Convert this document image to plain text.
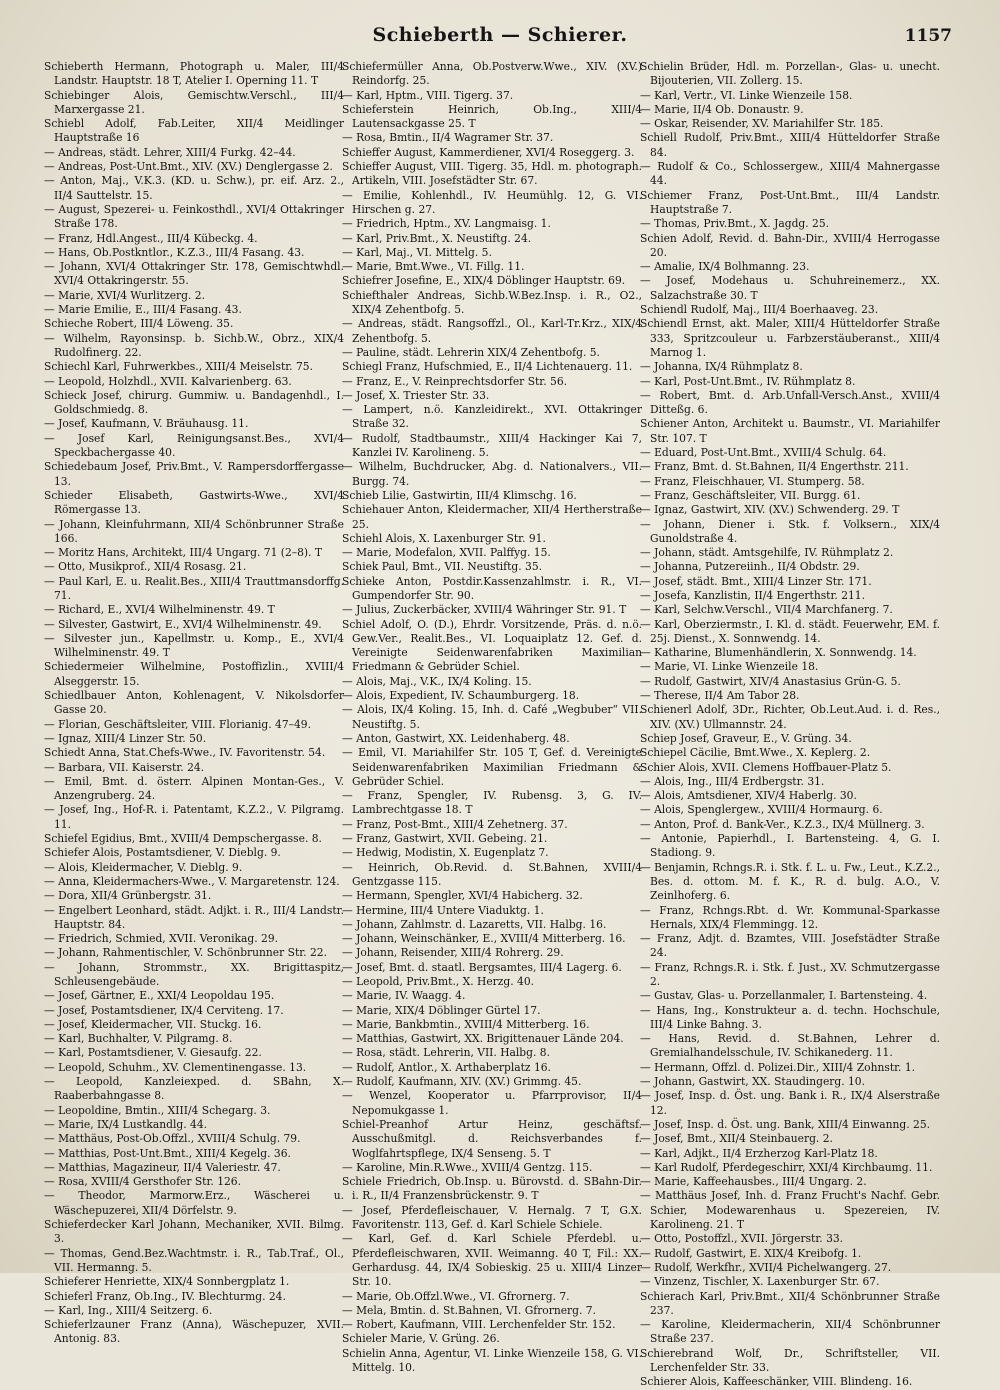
Schieberth — Schierer.	1157

Schieberth Hermann, Photograph u. Maler, III/4 Landstr. Hauptstr. 18 T, Atelier I. Operning 11. T

Schiebinger Alois, Gemischtw.Verschl., III/4 Marxergasse 21.

Schiebl Adolf, Fab.Leiter, XII/4 Meidlinger Hauptstraße 16

— Andreas, städt. Lehrer, XIII/4 Furkg. 42–44.

— Andreas, Post-Unt.Bmt., XIV. (XV.) Denglergasse 2.

— Anton, Maj., V.K.3. (KD. u. Schw.), pr. eif. Arz. 2., II/4 Sauttelstr. 15.

— August, Spezerei- u. Feinkosthdl., XVI/4 Ottakringer Straße 178.

— Franz, Hdl.Angest., III/4 Kübeckg. 4.

— Hans, Ob.Postkntlor., K.Z.3., III/4 Fasang. 43.

— Johann, XVI/4 Ottakringer Str. 178, Gemischtwhdl. XVI/4 Ottakringerstr. 55.

— Marie, XVI/4 Wurlitzerg. 2.

— Marie Emilie, E., III/4 Fasang. 43.

Schieche Robert, III/4 Löweng. 35.

— Wilhelm, Rayonsinsp. b. Sichb.W., Obrz., XIX/4 Rudolfinerg. 22.

Schiechl Karl, Fuhrwerkbes., XIII/4 Meiselstr. 75.

— Leopold, Holzhdl., XVII. Kalvarienberg. 63.

Schieck Josef, chirurg. Gummiw. u. Bandagenhdl., I. Goldschmiedg. 8.

— Josef, Kaufmann, V. Bräuhausg. 11.

— Josef Karl, Reinigungsanst.Bes., XVI/4 Speckbachergasse 40.

Schiedebaum Josef, Priv.Bmt., V. Rampersdorffergasse 13.

Schieder Elisabeth, Gastwirts-Wwe., XVI/4 Römergasse 13.

— Johann, Kleinfuhrmann, XII/4 Schönbrunner Straße 166.

— Moritz Hans, Architekt, III/4 Ungarg. 71 (2–8). T

— Otto, Musikprof., XII/4 Rosasg. 21.

— Paul Karl, E. u. Realit.Bes., XIII/4 Trauttmansdorffg. 71.

— Richard, E., XVI/4 Wilhelminenstr. 49. T

— Silvester, Gastwirt, E., XVI/4 Wilhelminenstr. 49.

— Silvester jun., Kapellmstr. u. Komp., E., XVI/4 Wilhelminenstr. 49. T

Schiedermeier Wilhelmine, Postoffizlin., XVIII/4 Alseggerstr. 15.

Schiedlbauer Anton, Kohlenagent, V. Nikolsdorfer Gasse 20.

— Florian, Geschäftsleiter, VIII. Florianig. 47–49.

— Ignaz, XIII/4 Linzer Str. 50.

Schiedt Anna, Stat.Chefs-Wwe., IV. Favoritenstr. 54.

— Barbara, VII. Kaiserstr. 24.

— Emil, Bmt. d. österr. Alpinen Montan-Ges., V. Anzengruberg. 24.

— Josef, Ing., Hof-R. i. Patentamt, K.Z.2., V. Pilgramg. 11.

Schiefel Egidius, Bmt., XVIII/4 Dempschergasse. 8.

Schiefer Alois, Postamtsdiener, V. Dieblg. 9.

— Alois, Kleidermacher, V. Dieblg. 9.

— Anna, Kleidermachers-Wwe., V. Margaretenstr. 124.

— Dora, XII/4 Grünbergstr. 31.

— Engelbert Leonhard, städt. Adjkt. i. R., III/4 Landstr. Hauptstr. 84.

— Friedrich, Schmied, XVII. Veronikag. 29.

— Johann, Rahmentischler, V. Schönbrunner Str. 22.

— Johann, Strommstr., XX. Brigittaspitz, Schleusengebäude.

— Josef, Gärtner, E., XXI/4 Leopoldau 195.

— Josef, Postamtsdiener, IX/4 Cerviteng. 17.

— Josef, Kleidermacher, VII. Stuckg. 16.

— Karl, Buchhalter, V. Pilgramg. 8.

— Karl, Postamtsdiener, V. Giesaufg. 22.

— Leopold, Schuhm., XV. Clementinengasse. 13.

— Leopold, Kanzleiexped. d. SBahn, X. Raaberbahngasse 8.

— Leopoldine, Bmtin., XIII/4 Schegarg. 3.

— Marie, IX/4 Lustkandlg. 44.

— Matthäus, Post-Ob.Offzl., XVIII/4 Schulg. 79.

— Matthias, Post-Unt.Bmt., XIII/4 Kegelg. 36.

— Matthias, Magazineur, II/4 Valeriestr. 47.

— Rosa, XVIII/4 Gersthofer Str. 126.

— Theodor, Marmorw.Erz., Wäscherei u. Wäschepuzerei, XII/4 Dörfelstr. 9.

Schieferdecker Karl Johann, Mechaniker, XVII. Bilmg. 3.

— Thomas, Gend.Bez.Wachtmstr. i. R., Tab.Traf., Ol., VII. Hermanng. 5.

Schieferer Henriette, XIX/4 Sonnbergplatz 1.

Schieferl Franz, Ob.Ing., IV. Blechturmg. 24.

— Karl, Ing., XIII/4 Seitzerg. 6.

Schieferlzauner Franz (Anna), Wäschepuzer, XVII. Antonig. 83.

Schiefermüller Anna, Ob.Postverw.Wwe., XIV. (XV.) Reindorfg. 25.

— Karl, Hptm., VIII. Tigerg. 37.

Schieferstein Heinrich, Ob.Ing., XIII/4 Lautensackgasse 25. T

— Rosa, Bmtin., II/4 Wagramer Str. 37.

Schieffer August, Kammerdiener, XVI/4 Roseggerg. 3.

Schieffer August, VIII. Tigerg. 35, Hdl. m. photograph. Artikeln, VIII. Josefstädter Str. 67.

— Emilie, Kohlenhdl., IV. Heumühlg. 12, G. VI. Hirschen g. 27.

— Friedrich, Hptm., XV. Langmaisg. 1.

— Karl, Priv.Bmt., X. Neustiftg. 24.

— Karl, Maj., VI. Mittelg. 5.

— Marie, Bmt.Wwe., VI. Fillg. 11.

Schiefrer Josefine, E., XIX/4 Döblinger Hauptstr. 69.

Schiefthaler Andreas, Sichb.W.Bez.Insp. i. R., O2., XIX/4 Zehentbofg. 5.

— Andreas, städt. Rangsoffzl., Ol., Karl-Tr.Krz., XIX/4 Zehentbofg. 5.

— Pauline, städt. Lehrerin XIX/4 Zehentbofg. 5.

Schiegl Franz, Hufschmied, E., II/4 Lichtenauerg. 11.

— Franz, E., V. Reinprechtsdorfer Str. 56.

— Josef, X. Triester Str. 33.

— Lampert, n.ö. Kanzleidirekt., XVI. Ottakringer Straße 32.

— Rudolf, Stadtbaumstr., XIII/4 Hackinger Kai 7, Kanzlei IV. Karolineng. 5.

— Wilhelm, Buchdrucker, Abg. d. Nationalvers., VII. Burgg. 74.

Schieb Lilie, Gastwirtin, III/4 Klimschg. 16.

Schiehauer Anton, Kleidermacher, XII/4 Hertherstraße 25.

Schiehl Alois, X. Laxenburger Str. 91.

— Marie, Modefalon, XVII. Palffyg. 15.

Schiek Paul, Bmt., VII. Neustiftg. 35.

Schieke Anton, Postdir.Kassenzahlmstr. i. R., VI. Gumpendorfer Str. 90.

— Julius, Zuckerbäcker, XVIII/4 Währinger Str. 91. T

Schiel Adolf, O. (D.), Ehrdr. Vorsitzende, Präs. d. n.ö. Gew.Ver., Realit.Bes., VI. Loquaiplatz 12. Gef. d. Vereinigte Seidenwarenfabriken Maximilian Friedmann & Gebrüder Schiel.

— Alois, Maj., V.K., IX/4 Koling. 15.

— Alois, Expedient, IV. Schaumburgerg. 18.

— Alois, IX/4 Koling. 15, Inh. d. Café „Wegbuber“ VII. Neustiftg. 5.

— Anton, Gastwirt, XX. Leidenhaberg. 48.

— Emil, VI. Mariahilfer Str. 105 T, Gef. d. Vereinigte Seidenwarenfabriken Maximilian Friedmann & Gebrüder Schiel.

— Franz, Spengler, IV. Rubensg. 3, G. IV. Lambrechtgasse 18. T

— Franz, Post-Bmt., XIII/4 Zehetnerg. 37.

— Franz, Gastwirt, XVII. Gebeing. 21.

— Hedwig, Modistin, X. Eugenplatz 7.

— Heinrich, Ob.Revid. d. St.Bahnen, XVIII/4 Gentzgasse 115.

— Hermann, Spengler, XVI/4 Habicherg. 32.

— Hermine, III/4 Untere Viaduktg. 1.

— Johann, Zahlmstr. d. Lazaretts, VII. Halbg. 16.

— Johann, Weinschänker, E., XVIII/4 Mitterberg. 16.

— Johann, Reisender, XIII/4 Rohrerg. 29.

— Josef, Bmt. d. staatl. Bergsamtes, III/4 Lagerg. 6.

— Leopold, Priv.Bmt., X. Herzg. 40.

— Marie, IV. Waagg. 4.

— Marie, XIX/4 Döblinger Gürtel 17.

— Marie, Bankbmtin., XVIII/4 Mitterberg. 16.

— Matthias, Gastwirt, XX. Brigittenauer Lände 204.

— Rosa, städt. Lehrerin, VII. Halbg. 8.

— Rudolf, Antlor., X. Arthaberplatz 16.

— Rudolf, Kaufmann, XIV. (XV.) Grimmg. 45.

— Wenzel, Kooperator u. Pfarrprovisor, II/4 Nepomukgasse 1.

Schiel-Preanhof Artur Heinz, geschäftsf. Ausschußmitgl. d. Reichsverbandes f. Woglfahrtspflege, IX/4 Senseng. 5. T

— Karoline, Min.R.Wwe., XVIII/4 Gentzg. 115.

Schiele Friedrich, Ob.Insp. u. Bürovstd. d. SBahn-Dir. i. R., II/4 Franzensbrückenstr. 9. T

— Josef, Pferdefleischauer, V. Hernalg. 7 T, G.X. Favoritenstr. 113, Gef. d. Karl Schiele Schiele.

— Karl, Gef. d. Karl Schiele Pferdebl. u. Pferdefleischwaren, XVII. Weimanng. 40 T, Fil.: XX. Gerhardusg. 44, IX/4 Sobieskig. 25 u. XIII/4 Linzer Str. 10.

— Marie, Ob.Offzl.Wwe., VI. Gfrornerg. 7.

— Mela, Bmtin. d. St.Bahnen, VI. Gfrornerg. 7.

— Robert, Kaufmann, VIII. Lerchenfelder Str. 152.

Schieler Marie, V. Grüng. 26.

Schielin Anna, Agentur, VI. Linke Wienzeile 158, G. VI. Mittelg. 10.

Schielin Brüder, Hdl. m. Porzellan-, Glas- u. unecht. Bijouterien, VII. Zollerg. 15.

— Karl, Vertr., VI. Linke Wienzeile 158.

— Marie, II/4 Ob. Donaustr. 9.

— Oskar, Reisender, XV. Mariahilfer Str. 185.

Schiell Rudolf, Priv.Bmt., XIII/4 Hütteldorfer Straße 84.

— Rudolf & Co., Schlossergew., XIII/4 Mahnergasse 44.

Schiemer Franz, Post-Unt.Bmt., III/4 Landstr. Hauptstraße 7.

— Thomas, Priv.Bmt., X. Jagdg. 25.

Schien Adolf, Revid. d. Bahn-Dir., XVIII/4 Herrogasse 20.

— Amalie, IX/4 Bolhmanng. 23.

— Josef, Modehaus u. Schuhreinemerz., XX. Salzachstraße 30. T

Schiendl Rudolf, Maj., III/4 Boerhaaveg. 23.

Schiendl Ernst, akt. Maler, XIII/4 Hütteldorfer Straße 333, Spritzcouleur u. Farbzerstäuberanst., XIII/4 Marnog 1.

— Johanna, IX/4 Rühmplatz 8.

— Karl, Post-Unt.Bmt., IV. Rühmplatz 8.

— Robert, Bmt. d. Arb.Unfall-Versch.Anst., XVIII/4 Ditteßg. 6.

Schiener Anton, Architekt u. Baumstr., VI. Mariahilfer Str. 107. T

— Eduard, Post-Unt.Bmt., XVIII/4 Schulg. 64.

— Franz, Bmt. d. St.Bahnen, II/4 Engerthstr. 211.

— Franz, Fleischhauer, VI. Stumperg. 58.

— Franz, Geschäftsleiter, VII. Burgg. 61.

— Ignaz, Gastwirt, XIV. (XV.) Schwenderg. 29. T

— Johann, Diener i. Stk. f. Volksern., XIX/4 Gunoldstraße 4.

— Johann, städt. Amtsgehilfe, IV. Rühmplatz 2.

— Johanna, Putzereiinh., II/4 Obdstr. 29.

— Josef, städt. Bmt., XIII/4 Linzer Str. 171.

— Josefa, Kanzlistin, II/4 Engerthstr. 211.

— Karl, Selchw.Verschl., VII/4 Marchfanerg. 7.

— Karl, Oberziermstr., I. Kl. d. städt. Feuerwehr, EM. f. 25j. Dienst., X. Sonnwendg. 14.

— Katharine, Blumenhändlerin, X. Sonnwendg. 14.

— Marie, VI. Linke Wienzeile 18.

— Rudolf, Gastwirt, XIV/4 Anastasius Grün-G. 5.

— Therese, II/4 Am Tabor 28.

Schienerl Adolf, 3Dr., Richter, Ob.Leut.Aud. i. d. Res., XIV. (XV.) Ullmannstr. 24.

Schiep Josef, Graveur, E., V. Grüng. 34.

Schiepel Cäcilie, Bmt.Wwe., X. Keplerg. 2.

Schier Alois, XVII. Clemens Hoffbauer-Platz 5.

— Alois, Ing., III/4 Erdbergstr. 31.

— Alois, Amtsdiener, XIV/4 Haberlg. 30.

— Alois, Spenglergew., XVIII/4 Hormaurg. 6.

— Anton, Prof. d. Bank-Ver., K.Z.3., IX/4 Müllnerg. 3.

— Antonie, Papierhdl., I. Bartensteing. 4, G. I. Stadiong. 9.

— Benjamin, Rchngs.R. i. Stk. f. L. u. Fw., Leut., K.Z.2., Bes. d. ottom. M. f. K., R. d. bulg. A.O., V. Zeinlhoferg. 6.

— Franz, Rchngs.Rbt. d. Wr. Kommunal-Sparkasse Hernals, XIX/4 Flemmingg. 12.

— Franz, Adjt. d. Bzamtes, VIII. Josefstädter Straße 24.

— Franz, Rchngs.R. i. Stk. f. Just., XV. Schmutzergasse 2.

— Gustav, Glas- u. Porzellanmaler, I. Bartensteing. 4.

— Hans, Ing., Konstrukteur a. d. techn. Hochschule, III/4 Linke Bahng. 3.

— Hans, Revid. d. St.Bahnen, Lehrer d. Gremialhandelsschule, IV. Schikanederg. 11.

— Hermann, Offzl. d. Polizei.Dir., XIII/4 Zohnstr. 1.

— Johann, Gastwirt, XX. Staudingerg. 10.

— Josef, Insp. d. Öst. ung. Bank i. R., IX/4 Alserstraße 12.

— Josef, Insp. d. Öst. ung. Bank, XIII/4 Einwanng. 25.

— Josef, Bmt., XII/4 Steinbauerg. 2.

— Karl, Adjkt., II/4 Erzherzog Karl-Platz 18.

— Karl Rudolf, Pferdegeschirr, XXI/4 Kirchbaumg. 11.

— Marie, Kaffeehausbes., III/4 Ungarg. 2.

— Matthäus Josef, Inh. d. Franz Frucht's Nachf. Gebr. Schier, Modewarenhaus u. Spezereien, IV. Karolineng. 21. T

— Otto, Postoffzl., XVII. Jörgerstr. 33.

— Rudolf, Gastwirt, E. XIX/4 Kreibofg. 1.

— Rudolf, Werkfhr., XVII/4 Pichelwangerg. 27.

— Vinzenz, Tischler, X. Laxenburger Str. 67.

Schierach Karl, Priv.Bmt., XII/4 Schönbrunner Straße 237.

— Karoline, Kleidermacherin, XII/4 Schönbrunner Straße 237.

Schierebrand Wolf, Dr., Schriftsteller, VII. Lerchenfelder Str. 33.

Schierer Alois, Kaffeeschänker, VIII. Blindeng. 16.
